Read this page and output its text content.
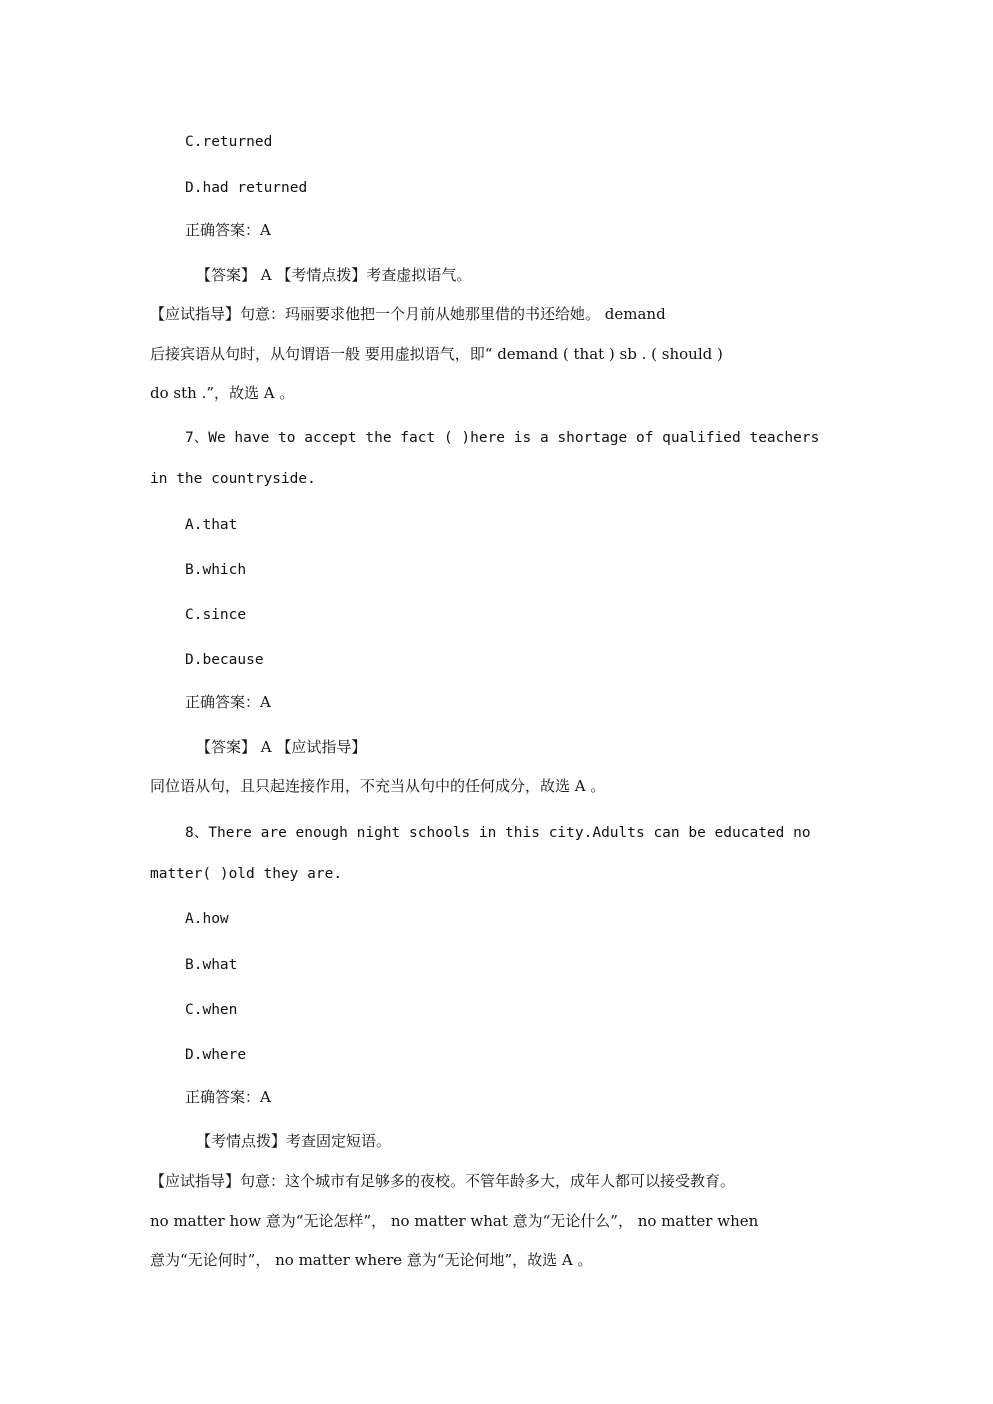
C.returned
D.had returned
正确答案：A
【答案】 A 【考情点拨】考查虚拟语气。
【应试指导】句意：玛丽要求他把一个月前从她那里借的书还给她。 demand
后接宾语从句时，从句谓语一般 要用虚拟语气，即“ demand ( that ) sb . ( should )
do sth .”，故选 A 。
7、We have to accept the fact ( )here is a shortage of qualified teachers
in the countryside.
A.that
B.which
C.since
D.because
正确答案：A
【答案】 A 【应试指导】
同位语从句，且只起连接作用，不充当从句中的任何成分，故选 A 。
8、There are enough night schools in this city.Adults can be educated no
matter( )old they are.
A.how
B.what
C.when
D.where
正确答案：A
【考情点拨】考查固定短语。
【应试指导】句意：这个城市有足够多的夜校。不管年龄多大，成年人都可以接受教育。
no matter how 意为“无论怎样”， no matter what 意为“无论什么”， no matter when
意为“无论何时”， no matter where 意为“无论何地”，故选 A 。
